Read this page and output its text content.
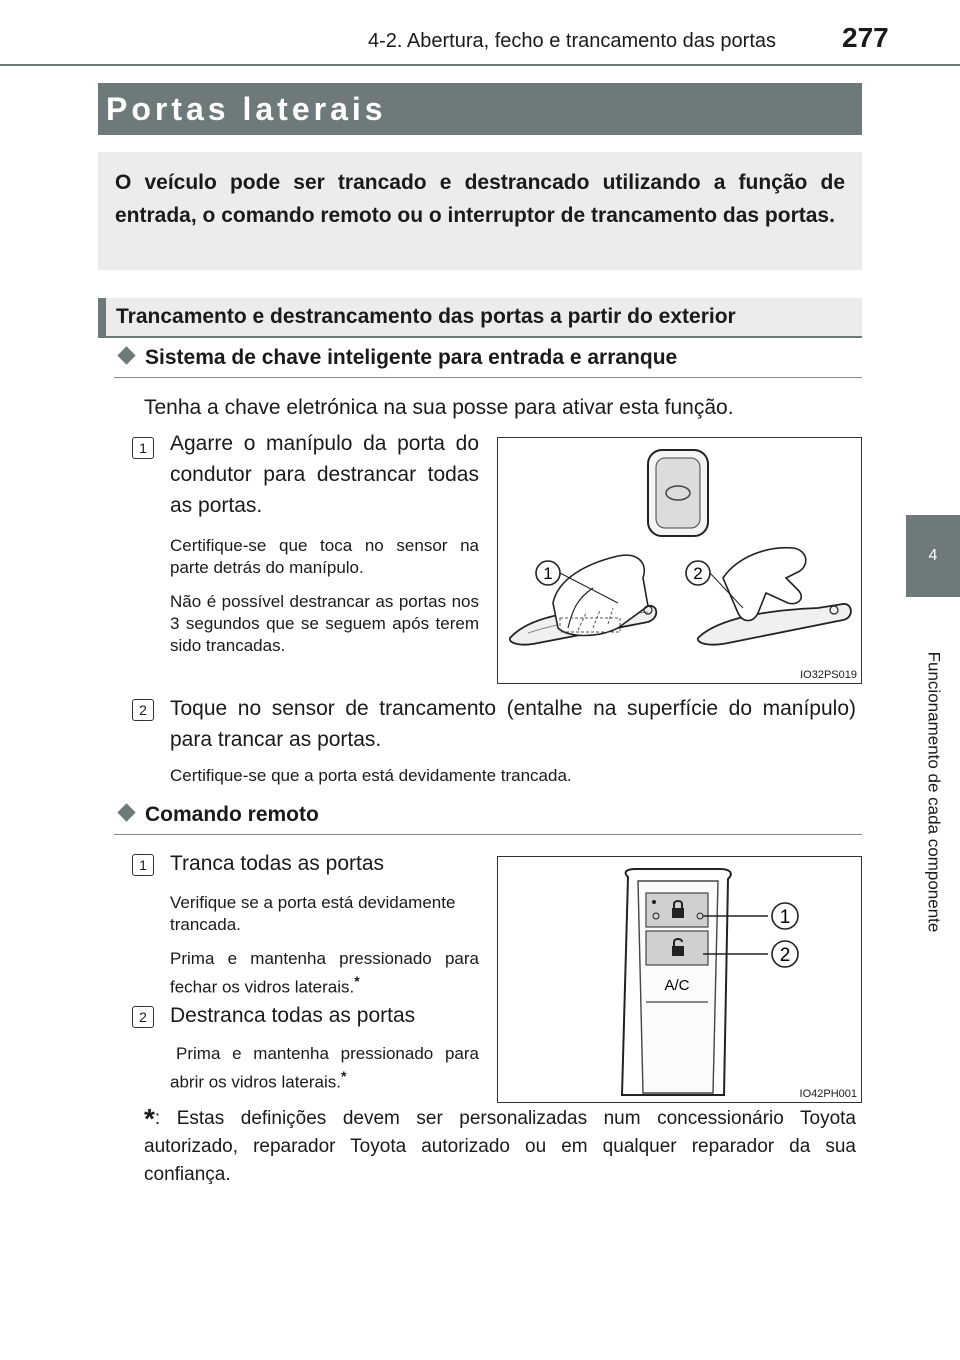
4-2. Abertura, fecho e trancamento das portas 277
4
Funcionamento de cada componente
Portas laterais

O veículo pode ser trancado e destrancado utilizando a função de entrada, o comando remoto ou o interruptor de trancamento das portas.

Trancamento e destrancamento das portas a partir do exterior
Sistema de chave inteligente para entrada e arranque
Tenha a chave eletrónica na sua posse para ativar esta função.
1	Agarre o manípulo da porta do condutor para destrancar todas as portas.
Certifique-se que toca no sensor na parte detrás do manípulo.
Não é possível destrancar as portas nos 3 segundos que se seguem após terem sido trancadas.
1	2
IO32PS019
2	Toque no sensor de trancamento (entalhe na superfície do manípulo) para trancar as portas.
Certifique-se que a porta está devidamente trancada.
Comando remoto
1	Tranca todas as portas
Verifique se a porta está devidamente trancada.
Prima e mantenha pressionado para fechar os vidros laterais.*
2	Destranca todas as portas
Prima e mantenha pressionado para abrir os vidros laterais.*
A/C
1
2
IO42PH001
*: Estas definições devem ser personalizadas num concessionário Toyota autorizado, reparador Toyota autorizado ou em qualquer reparador da sua confiança.
